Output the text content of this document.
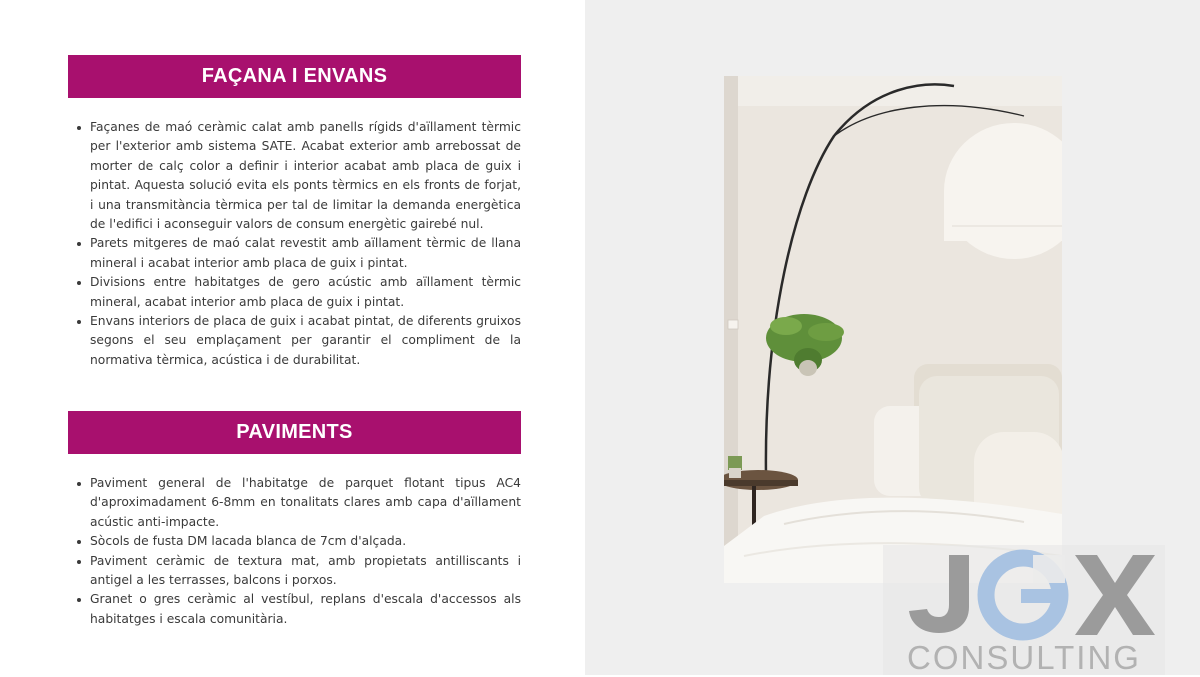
FAÇANA I ENVANS
Façanes de maó ceràmic calat amb panells rígids d'aïllament tèrmic per l'exterior amb sistema SATE. Acabat exterior amb arrebossat de morter de calç color a definir i interior acabat amb placa de guix i pintat. Aquesta solució evita els ponts tèrmics en els fronts de forjat, i una transmitància tèrmica per tal de limitar la demanda energètica de l'edifici i aconseguir valors de consum energètic gairebé nul.
Parets mitgeres de maó calat revestit amb aïllament tèrmic de llana mineral i acabat interior amb placa de guix i pintat.
Divisions entre habitatges de gero acústic amb aïllament tèrmic mineral, acabat interior amb placa de guix i pintat.
Envans interiors de placa de guix i acabat pintat, de diferents gruixos segons el seu emplaçament per garantir el compliment de la normativa tèrmica, acústica i de durabilitat.
PAVIMENTS
Paviment general de l'habitatge de parquet flotant tipus AC4 d'aproximadament 6-8mm en tonalitats clares amb capa d'aïllament acústic anti-impacte.
Sòcols de fusta DM lacada blanca de 7cm d'alçada.
Paviment ceràmic de textura mat, amb propietats antilliscants i antigel a les terrasses, balcons i porxos.
Granet o gres ceràmic al vestíbul, replans d'escala d'accessos als habitatges i escala comunitària.
CONSULTING
